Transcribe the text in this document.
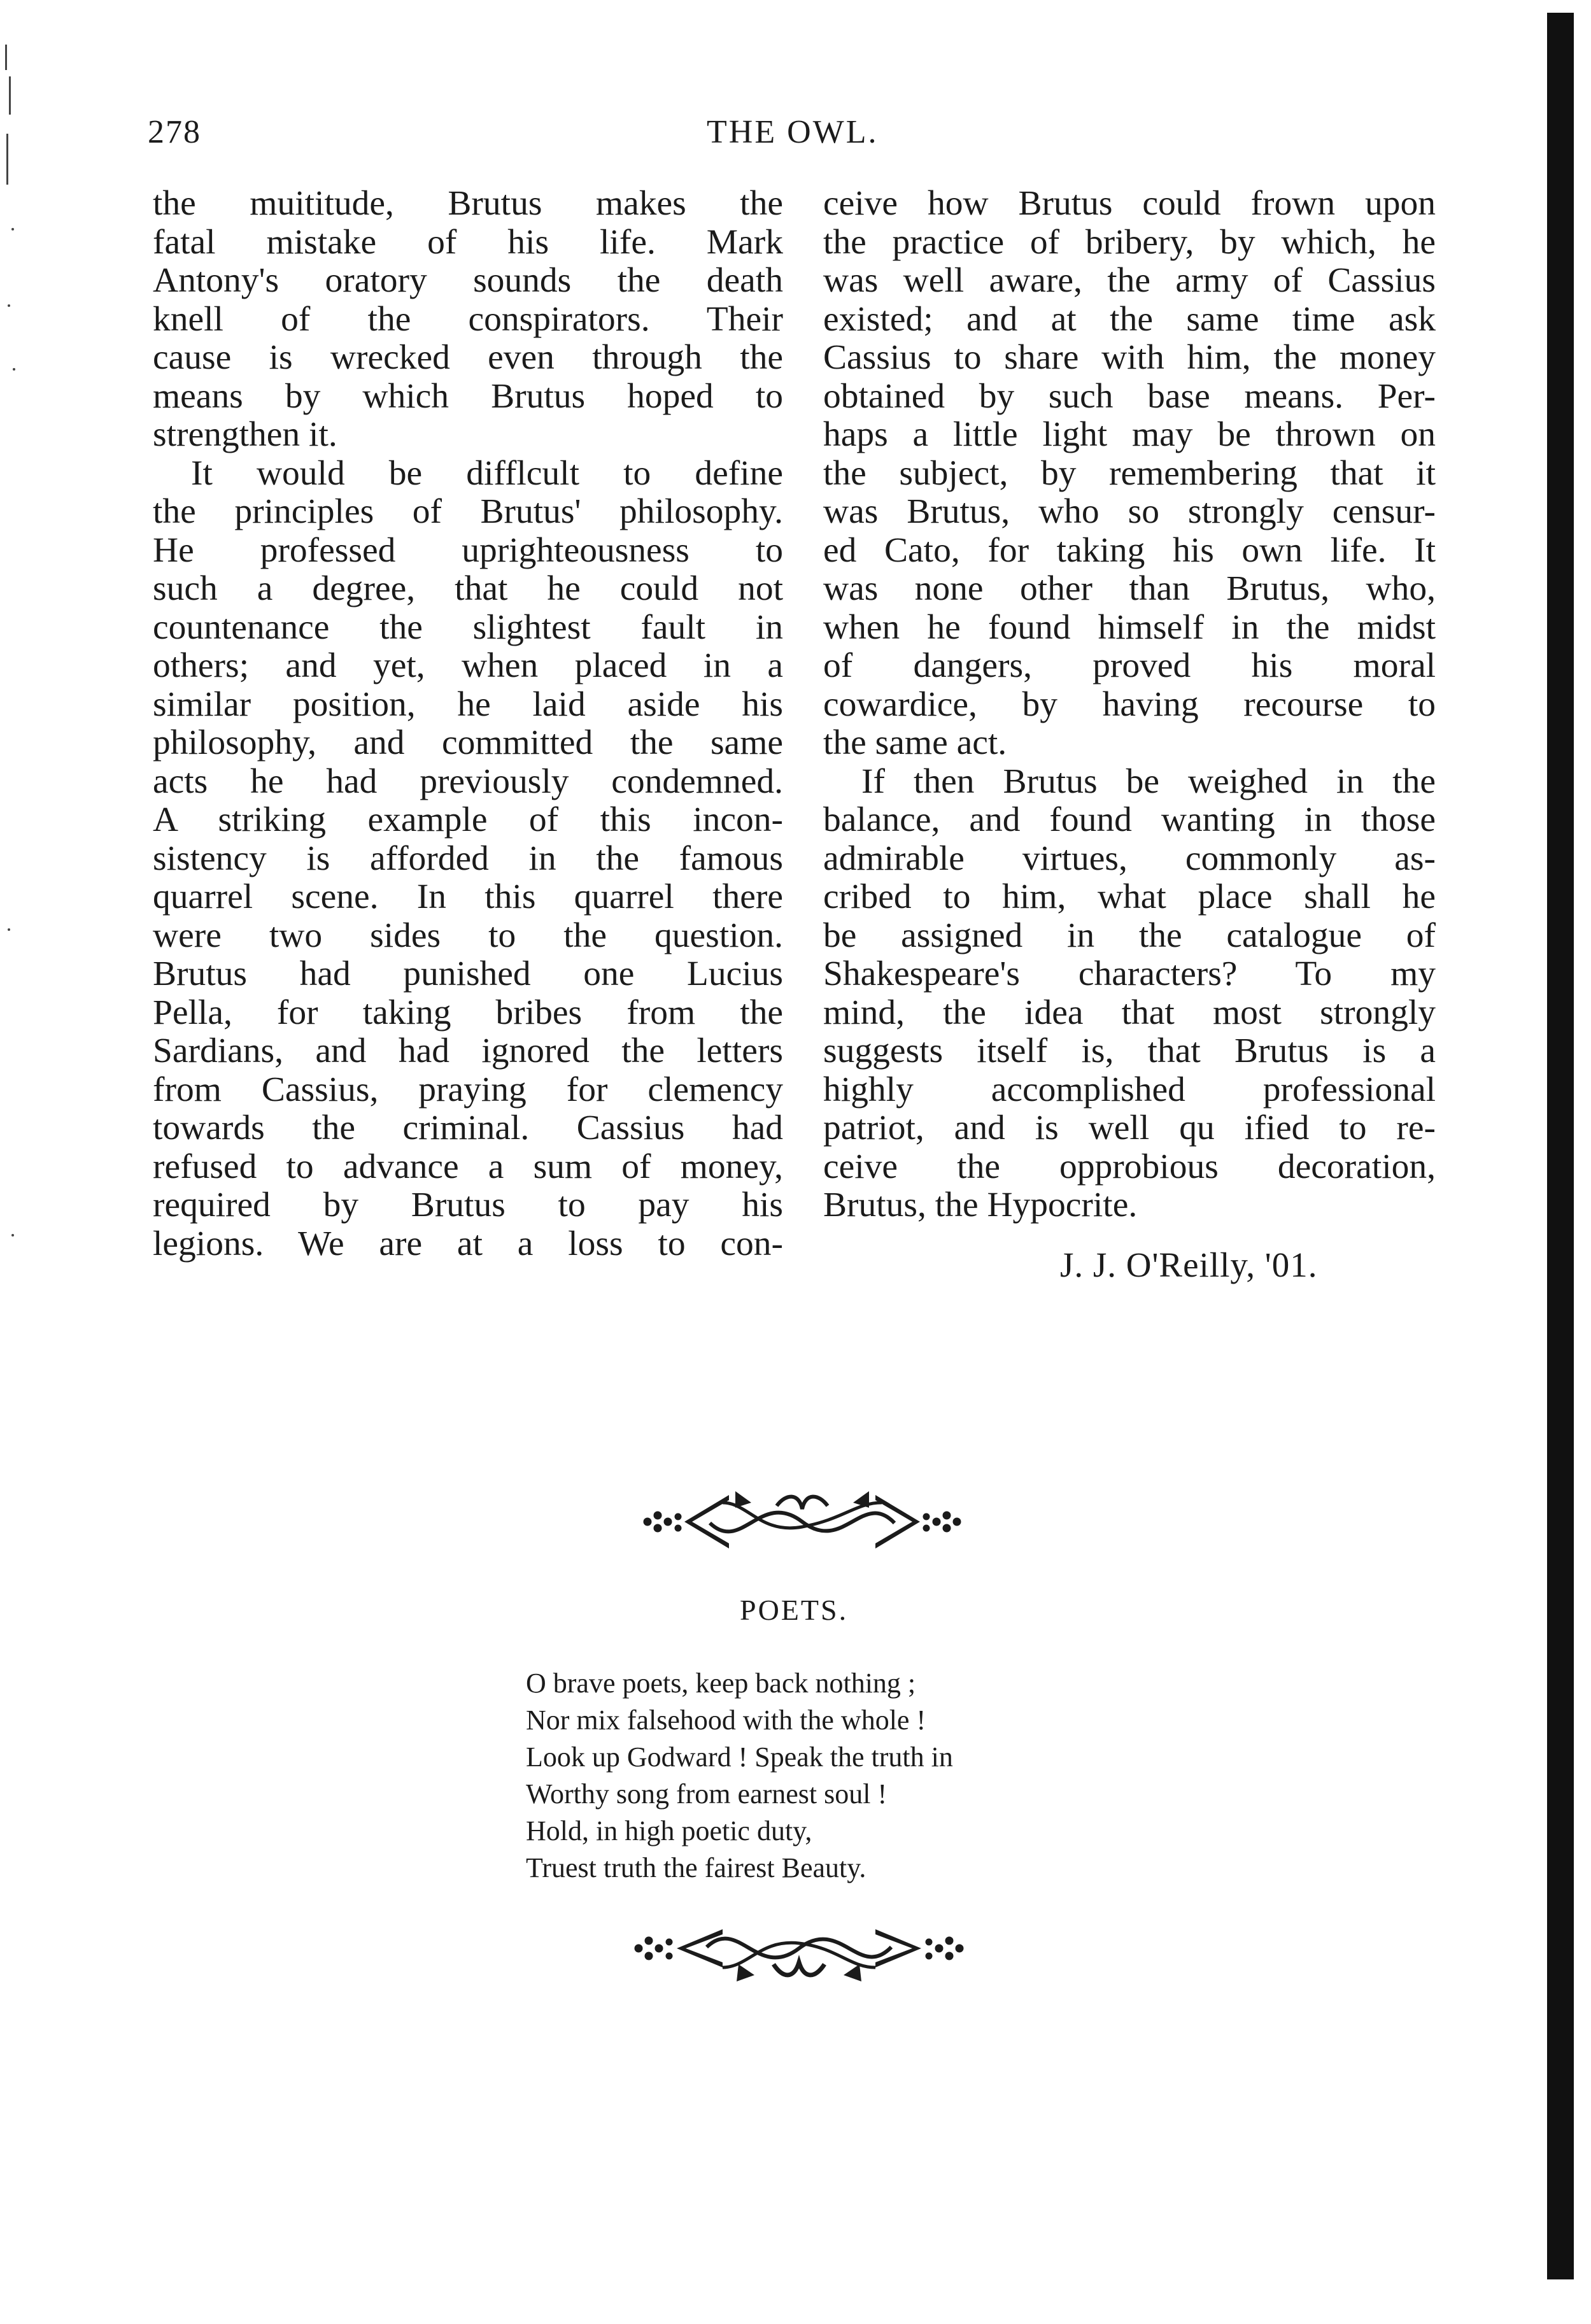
278	THE OWL.
the muititude, Brutus makes the
fatal mistake of his life. Mark
Antony's oratory sounds the death
knell of the conspirators. Their
cause is wrecked even through the
means by which Brutus hoped to
strengthen it.
It would be difflcult to define
the principles of Brutus' philosophy.
He professed uprighteousness to
such a degree, that he could not
countenance the slightest fault in
others; and yet, when placed in a
similar position, he laid aside his
philosophy, and committed the same
acts he had previously condemned.
A striking example of this incon-
sistency is afforded in the famous
quarrel scene. In this quarrel there
were two sides to the question.
Brutus had punished one Lucius
Pella, for taking bribes from the
Sardians, and had ignored the letters
from Cassius, praying for clemency
towards the criminal. Cassius had
refused to advance a sum of money,
required by Brutus to pay his
legions. We are at a loss to con-
ceive how Brutus could frown upon
the practice of bribery, by which, he
was well aware, the army of Cassius
existed; and at the same time ask
Cassius to share with him, the money
obtained by such base means. Per-
haps a little light may be thrown on
the subject, by remembering that it
was Brutus, who so strongly censur-
ed Cato, for taking his own life. It
was none other than Brutus, who,
when he found himself in the midst
of dangers, proved his moral
cowardice, by having recourse to
the same act.
If then Brutus be weighed in the
balance, and found wanting in those
admirable virtues, commonly as-
cribed to him, what place shall he
be assigned in the catalogue of
Shakespeare's characters? To my
mind, the idea that most strongly
suggests itself is, that Brutus is a
highly accomplished professional
patriot, and is well qu ified to re-
ceive the opprobious decoration,
Brutus, the Hypocrite.
J. J. O'Reilly, '01.
POETS.
O brave poets, keep back nothing ;
Nor mix falsehood with the whole !
Look up Godward ! Speak the truth in
Worthy song from earnest soul !
Hold, in high poetic duty,
Truest truth the fairest Beauty.
